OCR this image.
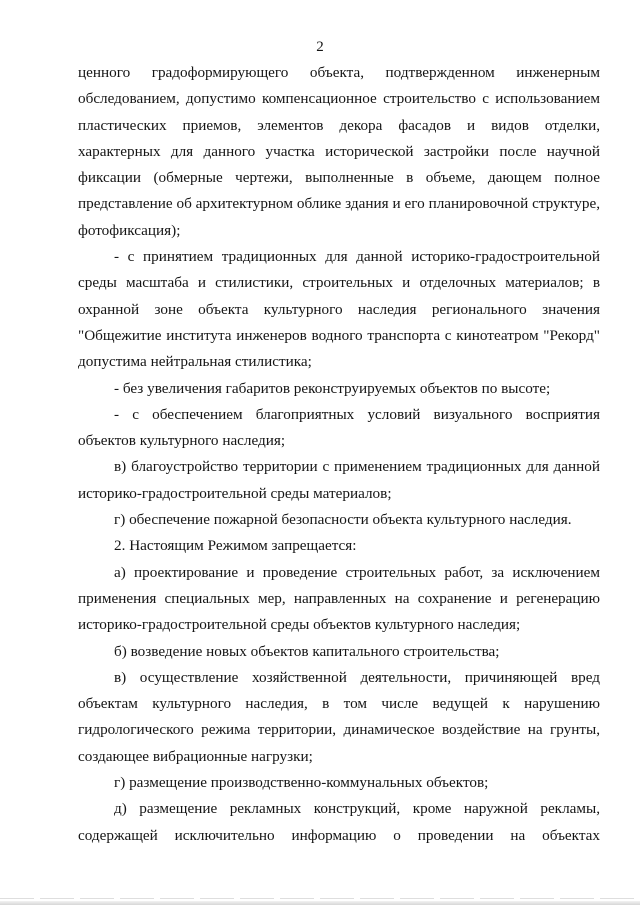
2

ценного градоформирующего объекта, подтвержденном инженерным обследованием, допустимо компенсационное строительство с использованием пластических приемов, элементов декора фасадов и видов отделки, характерных для данного участка исторической застройки после научной фиксации (обмерные чертежи, выполненные в объеме, дающем полное представление об архитектурном облике здания и его планировочной структуре, фотофиксация);

- с принятием традиционных для данной историко-градостроительной среды масштаба и стилистики, строительных и отделочных материалов; в охранной зоне объекта культурного наследия регионального значения "Общежитие института инженеров водного транспорта с кинотеатром "Рекорд" допустима нейтральная стилистика;

- без увеличения габаритов реконструируемых объектов по высоте;

- с обеспечением благоприятных условий визуального восприятия объектов культурного наследия;

в) благоустройство территории с применением традиционных для данной историко-градостроительной среды материалов;

г) обеспечение пожарной безопасности объекта культурного наследия.

2. Настоящим Режимом запрещается:

а) проектирование и проведение строительных работ, за исключением применения специальных мер, направленных на сохранение и регенерацию историко-градостроительной среды объектов культурного наследия;

б) возведение новых объектов капитального строительства;

в) осуществление хозяйственной деятельности, причиняющей вред объектам культурного наследия, в том числе ведущей к нарушению гидрологического режима территории, динамическое воздействие на грунты, создающее вибрационные нагрузки;

г) размещение производственно-коммунальных объектов;

д) размещение рекламных конструкций, кроме наружной рекламы, содержащей исключительно информацию о проведении на объектах
